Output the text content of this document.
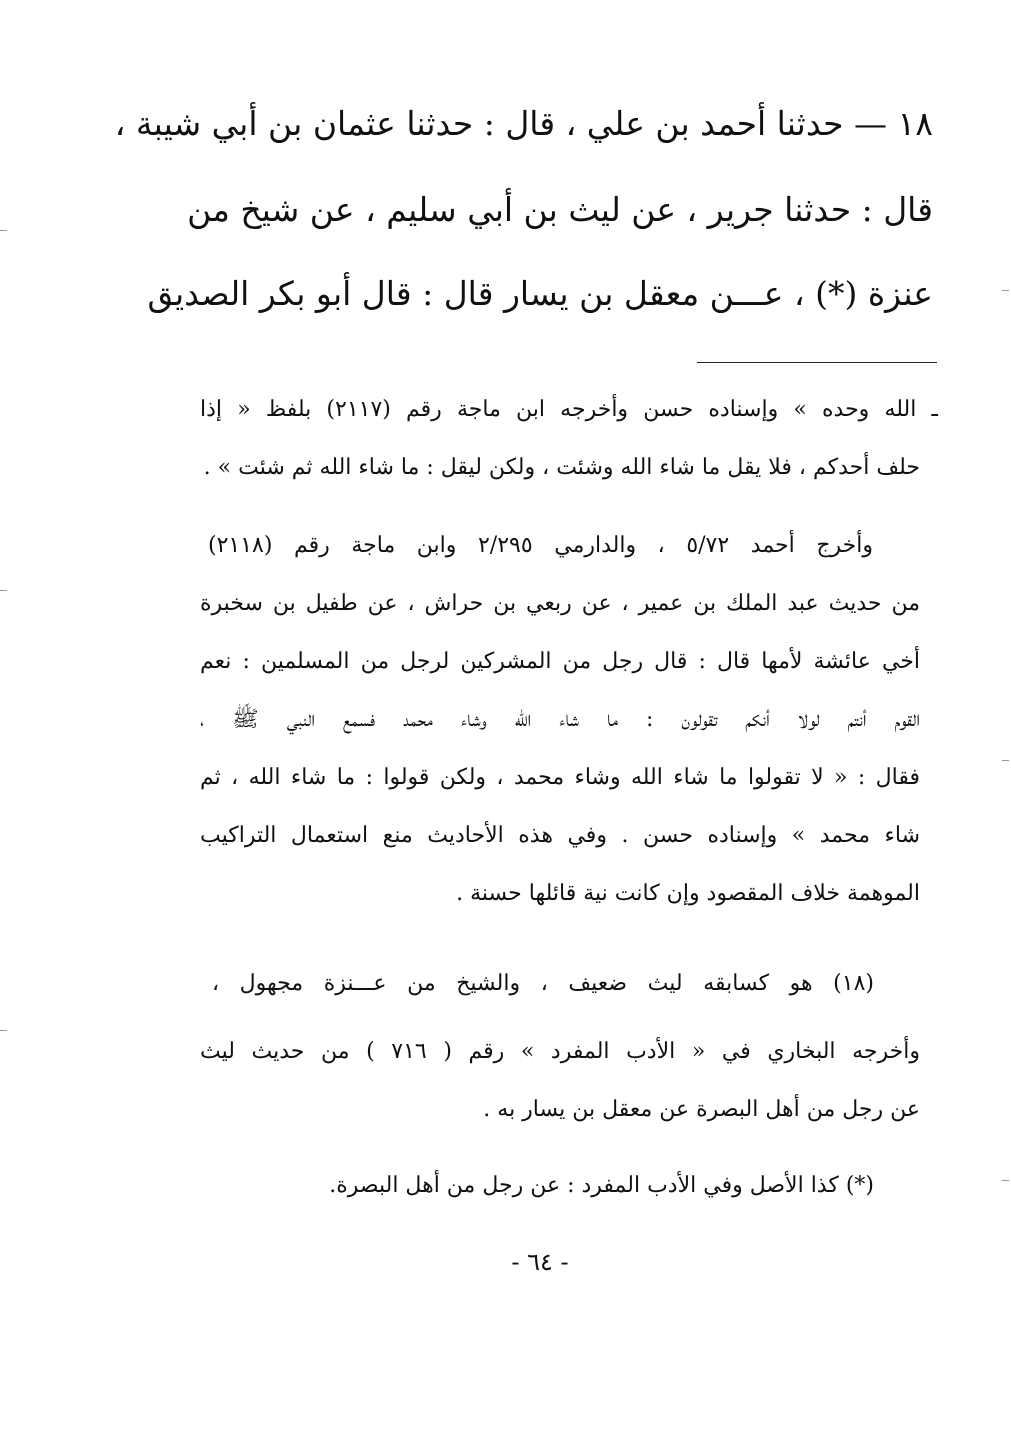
١٨ — حدثنا أحمد بن علي ، قال : حدثنا عثمان بن أبي شيبة ،
قال : حدثنا جرير ، عن ليث بن أبي سليم ، عن شيخ من
عنزة (*) ، عـــن معقل بن يسار قال : قال أبو بكر الصديق
ـ الله وحده » وإسناده حسن وأخرجه ابن ماجة رقم (٢١١٧) بلفظ « إذا
حلف أحدكم ، فلا يقل ما شاء الله وشئت ، ولكن ليقل : ما شاء الله ثم شئت » .
وأخرج أحمد ٥/٧٢ ، والدارمي ٢/٢٩٥ وابن ماجة رقم (٢١١٨)
من حديث عبد الملك بن عمير ، عن ربعي بن حراش ، عن طفيل بن سخبرة
أخي عائشة لأمها قال : قال رجل من المشركين لرجل من المسلمين : نعم
القوم أنتم لولا أنكم تقولون : ما شاء الله وشاء محمد فسمع النبي ﷺ ،
فقال : « لا تقولوا ما شاء الله وشاء محمد ، ولكن قولوا : ما شاء الله ، ثم
شاء محمد » وإسناده حسن . وفي هذه الأحاديث منع استعمال التراكيب
الموهمة خلاف المقصود وإن كانت نية قائلها حسنة .
(١٨) هو كسابقه ليث ضعيف ، والشيخ من عـــنزة مجهول ،
وأخرجه البخاري في « الأدب المفرد » رقم ( ٧١٦ ) من حديث ليث
عن رجل من أهل البصرة عن معقل بن يسار به .
(*) كذا الأصل وفي الأدب المفرد : عن رجل من أهل البصرة.
- ٦٤ -
